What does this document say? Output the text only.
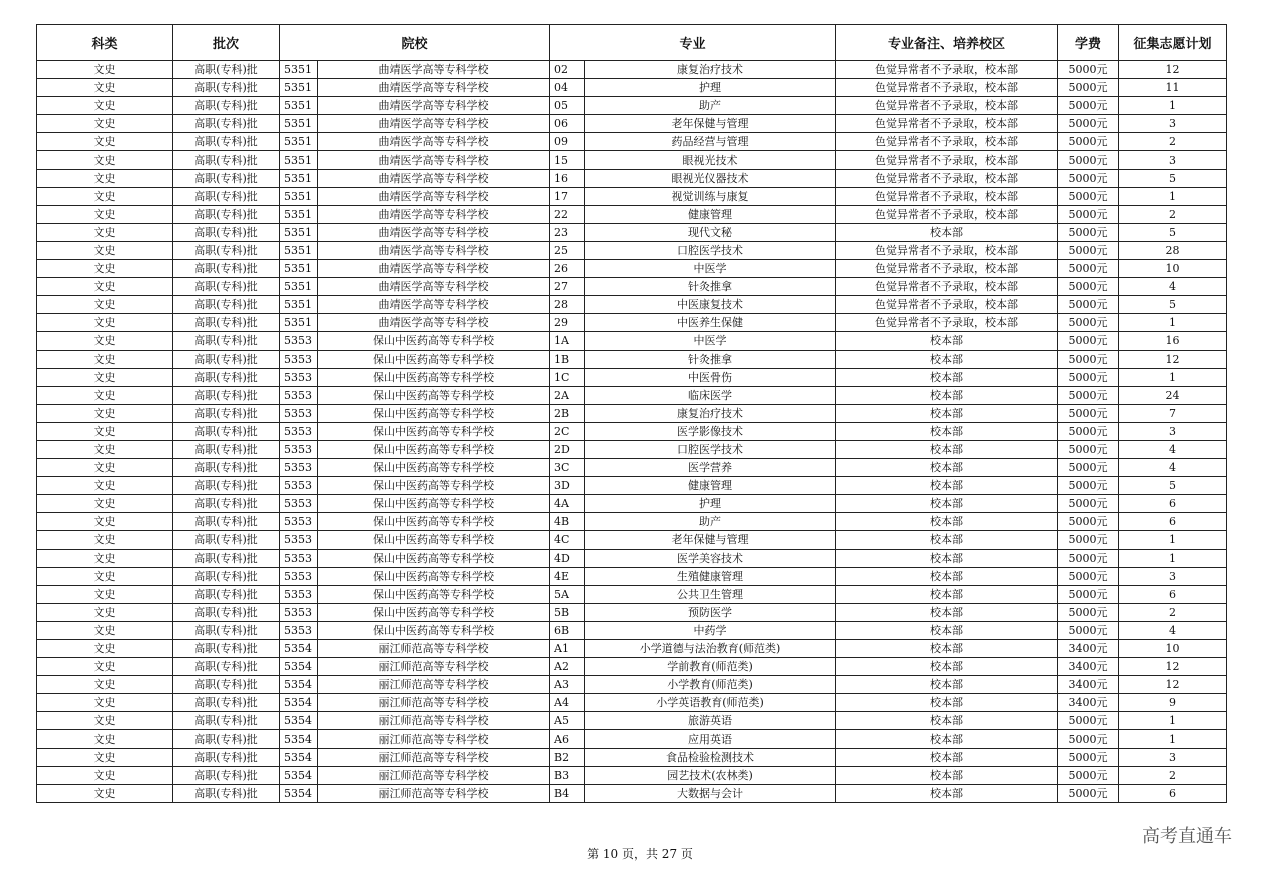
科类	批次	院校		专业		专业备注、培养校区	学费	征集志愿计划
文史	高职(专科)批	5351	曲靖医学高等专科学校	02	康复治疗技术	色觉异常者不予录取，校本部	5000元	12
文史	高职(专科)批	5351	曲靖医学高等专科学校	04	护理	色觉异常者不予录取，校本部	5000元	11
文史	高职(专科)批	5351	曲靖医学高等专科学校	05	助产	色觉异常者不予录取，校本部	5000元	1
文史	高职(专科)批	5351	曲靖医学高等专科学校	06	老年保健与管理	色觉异常者不予录取，校本部	5000元	3
文史	高职(专科)批	5351	曲靖医学高等专科学校	09	药品经营与管理	色觉异常者不予录取，校本部	5000元	2
文史	高职(专科)批	5351	曲靖医学高等专科学校	15	眼视光技术	色觉异常者不予录取，校本部	5000元	3
文史	高职(专科)批	5351	曲靖医学高等专科学校	16	眼视光仪器技术	色觉异常者不予录取，校本部	5000元	5
文史	高职(专科)批	5351	曲靖医学高等专科学校	17	视觉训练与康复	色觉异常者不予录取，校本部	5000元	1
文史	高职(专科)批	5351	曲靖医学高等专科学校	22	健康管理	色觉异常者不予录取，校本部	5000元	2
文史	高职(专科)批	5351	曲靖医学高等专科学校	23	现代文秘	校本部	5000元	5
文史	高职(专科)批	5351	曲靖医学高等专科学校	25	口腔医学技术	色觉异常者不予录取，校本部	5000元	28
文史	高职(专科)批	5351	曲靖医学高等专科学校	26	中医学	色觉异常者不予录取，校本部	5000元	10
文史	高职(专科)批	5351	曲靖医学高等专科学校	27	针灸推拿	色觉异常者不予录取，校本部	5000元	4
文史	高职(专科)批	5351	曲靖医学高等专科学校	28	中医康复技术	色觉异常者不予录取，校本部	5000元	5
文史	高职(专科)批	5351	曲靖医学高等专科学校	29	中医养生保健	色觉异常者不予录取，校本部	5000元	1
文史	高职(专科)批	5353	保山中医药高等专科学校	1A	中医学	校本部	5000元	16
文史	高职(专科)批	5353	保山中医药高等专科学校	1B	针灸推拿	校本部	5000元	12
文史	高职(专科)批	5353	保山中医药高等专科学校	1C	中医骨伤	校本部	5000元	1
文史	高职(专科)批	5353	保山中医药高等专科学校	2A	临床医学	校本部	5000元	24
文史	高职(专科)批	5353	保山中医药高等专科学校	2B	康复治疗技术	校本部	5000元	7
文史	高职(专科)批	5353	保山中医药高等专科学校	2C	医学影像技术	校本部	5000元	3
文史	高职(专科)批	5353	保山中医药高等专科学校	2D	口腔医学技术	校本部	5000元	4
文史	高职(专科)批	5353	保山中医药高等专科学校	3C	医学营养	校本部	5000元	4
文史	高职(专科)批	5353	保山中医药高等专科学校	3D	健康管理	校本部	5000元	5
文史	高职(专科)批	5353	保山中医药高等专科学校	4A	护理	校本部	5000元	6
文史	高职(专科)批	5353	保山中医药高等专科学校	4B	助产	校本部	5000元	6
文史	高职(专科)批	5353	保山中医药高等专科学校	4C	老年保健与管理	校本部	5000元	1
文史	高职(专科)批	5353	保山中医药高等专科学校	4D	医学美容技术	校本部	5000元	1
文史	高职(专科)批	5353	保山中医药高等专科学校	4E	生殖健康管理	校本部	5000元	3
文史	高职(专科)批	5353	保山中医药高等专科学校	5A	公共卫生管理	校本部	5000元	6
文史	高职(专科)批	5353	保山中医药高等专科学校	5B	预防医学	校本部	5000元	2
文史	高职(专科)批	5353	保山中医药高等专科学校	6B	中药学	校本部	5000元	4
文史	高职(专科)批	5354	丽江师范高等专科学校	A1	小学道德与法治教育(师范类)	校本部	3400元	10
文史	高职(专科)批	5354	丽江师范高等专科学校	A2	学前教育(师范类)	校本部	3400元	12
文史	高职(专科)批	5354	丽江师范高等专科学校	A3	小学教育(师范类)	校本部	3400元	12
文史	高职(专科)批	5354	丽江师范高等专科学校	A4	小学英语教育(师范类)	校本部	3400元	9
文史	高职(专科)批	5354	丽江师范高等专科学校	A5	旅游英语	校本部	5000元	1
文史	高职(专科)批	5354	丽江师范高等专科学校	A6	应用英语	校本部	5000元	1
文史	高职(专科)批	5354	丽江师范高等专科学校	B2	食品检验检测技术	校本部	5000元	3
文史	高职(专科)批	5354	丽江师范高等专科学校	B3	园艺技术(农林类)	校本部	5000元	2
文史	高职(专科)批	5354	丽江师范高等专科学校	B4	大数据与会计	校本部	5000元	6
第 10 页，共 27 页
高考直通车
